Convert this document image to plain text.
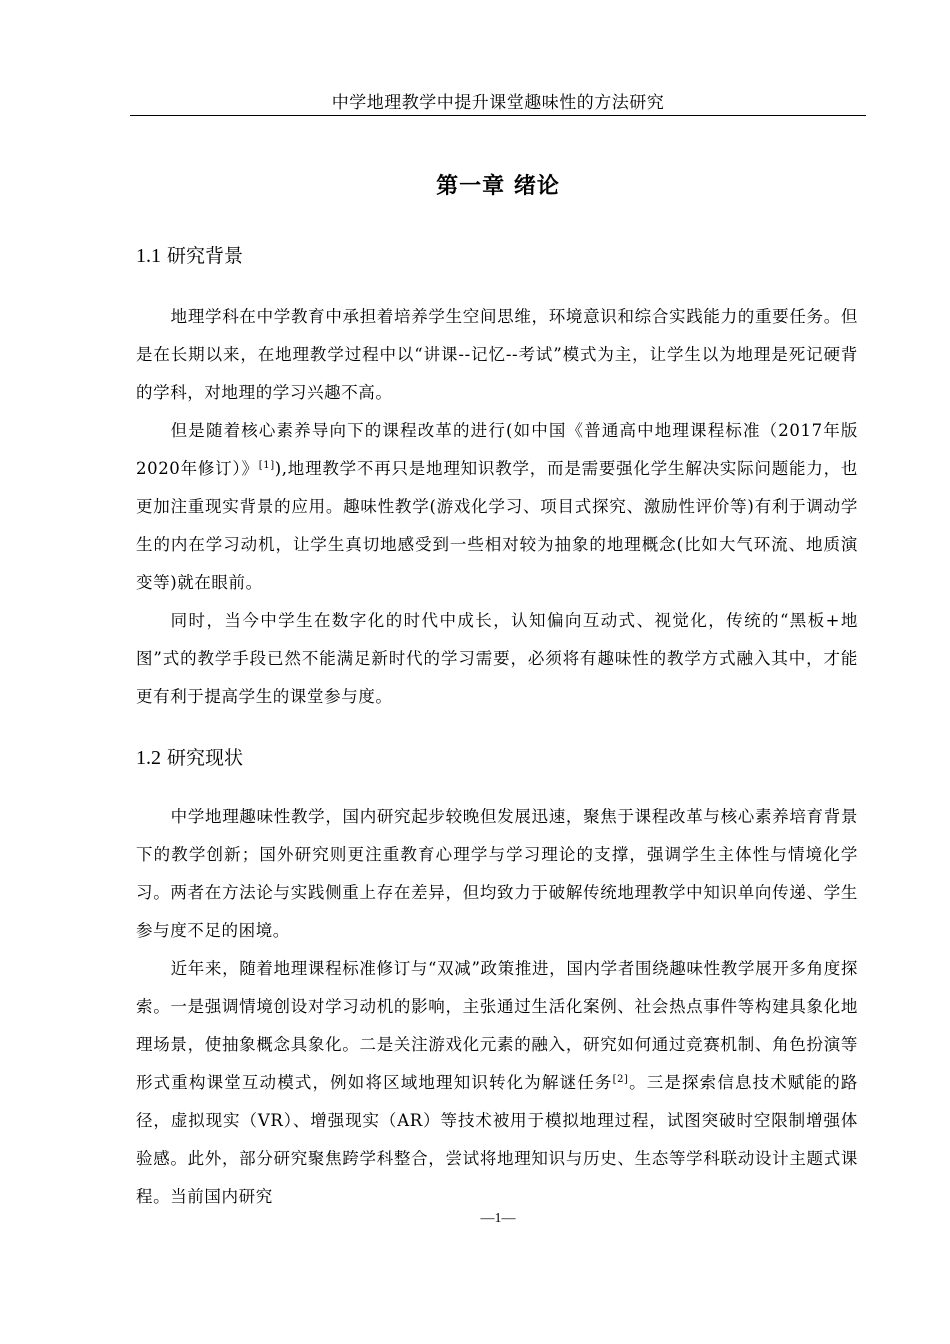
中学地理教学中提升课堂趣味性的方法研究
第一章 绪论
1.1 研究背景

地理学科在中学教育中承担着培养学生空间思维，环境意识和综合实践能力的重要任务。但是在长期以来，在地理教学过程中以“讲课--记忆--考试”模式为主，让学生以为地理是死记硬背的学科，对地理的学习兴趣不高。

但是随着核心素养导向下的课程改革的进行(如中国《普通高中地理课程标准（2017年版 2020年修订）》[1]),地理教学不再只是地理知识教学，而是需要强化学生解决实际问题能力，也更加注重现实背景的应用。趣味性教学(游戏化学习、项目式探究、激励性评价等)有利于调动学生的内在学习动机，让学生真切地感受到一些相对较为抽象的地理概念(比如大气环流、地质演变等)就在眼前。

同时，当今中学生在数字化的时代中成长，认知偏向互动式、视觉化，传统的“黑板+地图”式的教学手段已然不能满足新时代的学习需要，必须将有趣味性的教学方式融入其中，才能更有利于提高学生的课堂参与度。

1.2 研究现状

中学地理趣味性教学，国内研究起步较晚但发展迅速，聚焦于课程改革与核心素养培育背景下的教学创新；国外研究则更注重教育心理学与学习理论的支撑，强调学生主体性与情境化学习。两者在方法论与实践侧重上存在差异，但均致力于破解传统地理教学中知识单向传递、学生参与度不足的困境。

近年来，随着地理课程标准修订与“双减”政策推进，国内学者围绕趣味性教学展开多角度探索。一是强调情境创设对学习动机的影响，主张通过生活化案例、社会热点事件等构建具象化地理场景，使抽象概念具象化。二是关注游戏化元素的融入，研究如何通过竞赛机制、角色扮演等形式重构课堂互动模式，例如将区域地理知识转化为解谜任务[2]。三是探索信息技术赋能的路径，虚拟现实（VR）、增强现实（AR）等技术被用于模拟地理过程，试图突破时空限制增强体验感。此外，部分研究聚焦跨学科整合，尝试将地理知识与历史、生态等学科联动设计主题式课程。当前国内研究

—1—
